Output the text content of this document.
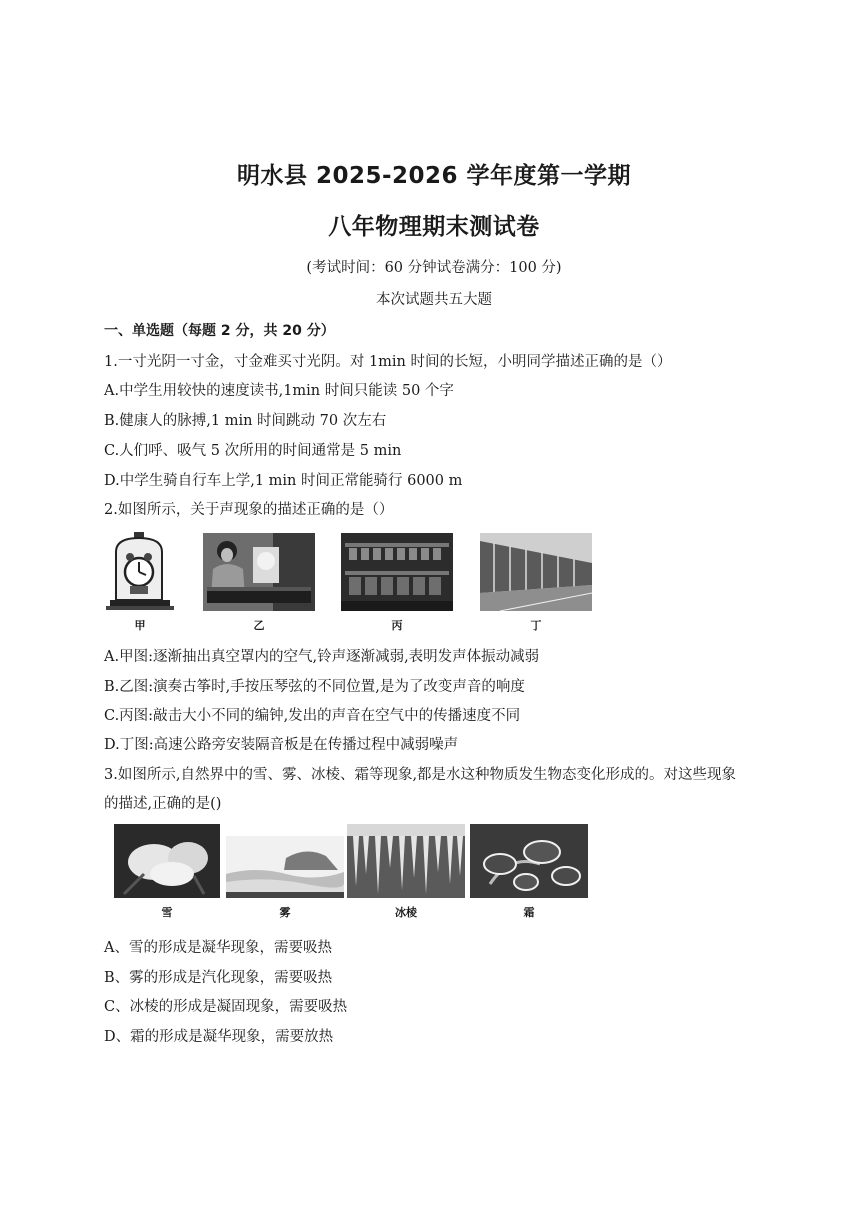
明水县 2025-2026 学年度第一学期
八年物理期末测试卷
(考试时间：60 分钟试卷满分：100 分)
本次试题共五大题
一、单选题（每题 2 分，共 20 分）
1.一寸光阴一寸金，寸金难买寸光阴。对 1min 时间的长短，小明同学描述正确的是（）
A.中学生用较快的速度读书,1min 时间只能读 50 个字
B.健康人的脉搏,1 min 时间跳动 70 次左右
C.人们呼、吸气 5 次所用的时间通常是 5 min
D.中学生骑自行车上学,1 min 时间正常能骑行 6000 m
2.如图所示，关于声现象的描述正确的是（）
甲	乙	丙	丁
A.甲图:逐渐抽出真空罩内的空气,铃声逐渐减弱,表明发声体振动减弱
B.乙图:演奏古筝时,手按压琴弦的不同位置,是为了改变声音的响度
C.丙图:敲击大小不同的编钟,发出的声音在空气中的传播速度不同
D.丁图:高速公路旁安装隔音板是在传播过程中减弱噪声
3.如图所示,自然界中的雪、雾、冰棱、霜等现象,都是水这种物质发生物态变化形成的。对这些现象
的描述,正确的是()
雪	雾	冰棱	霜
A、雪的形成是凝华现象，需要吸热
B、雾的形成是汽化现象，需要吸热
C、冰棱的形成是凝固现象，需要吸热
D、霜的形成是凝华现象，需要放热
